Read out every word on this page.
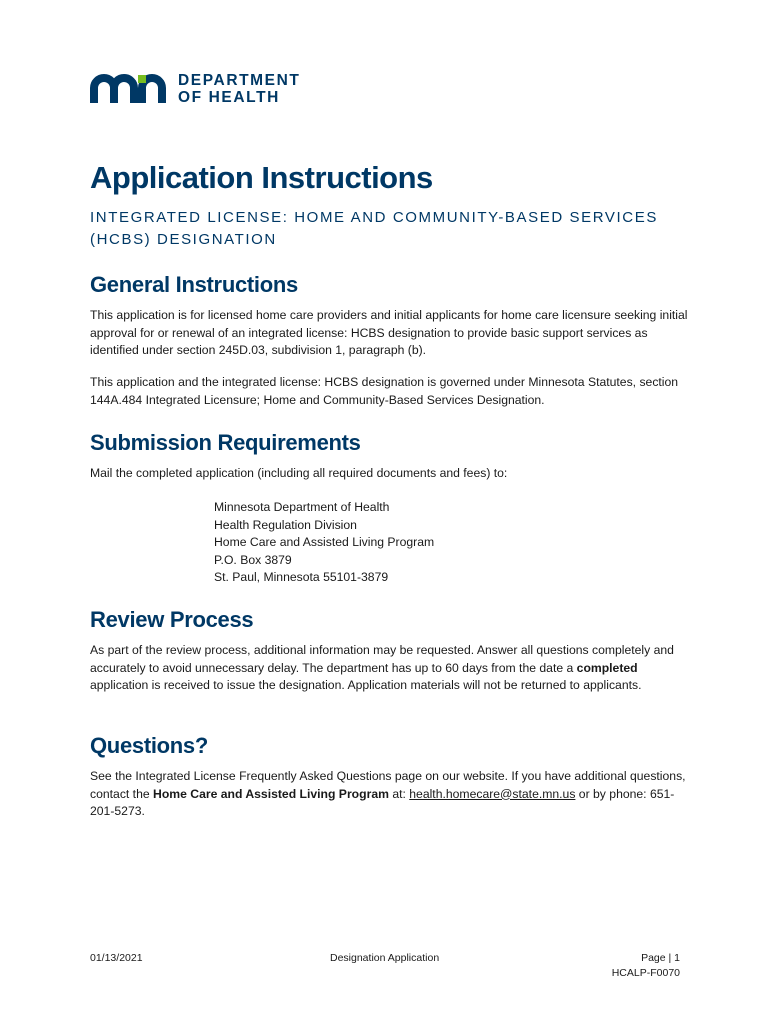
DEPARTMENT
OF HEALTH
Application Instructions

INTEGRATED LICENSE: HOME AND COMMUNITY-BASED SERVICES (HCBS) DESIGNATION

General Instructions

This application is for licensed home care providers and initial applicants for home care licensure seeking initial approval for or renewal of an integrated license: HCBS designation to provide basic support services as identified under section 245D.03, subdivision 1, paragraph (b).

This application and the integrated license: HCBS designation is governed under Minnesota Statutes, section 144A.484 Integrated Licensure; Home and Community-Based Services Designation.

Submission Requirements

Mail the completed application (including all required documents and fees) to:

Minnesota Department of Health
Health Regulation Division
Home Care and Assisted Living Program
P.O. Box 3879
St. Paul, Minnesota 55101-3879
Review Process

As part of the review process, additional information may be requested. Answer all questions completely and accurately to avoid unnecessary delay. The department has up to 60 days from the date a completed application is received to issue the designation. Application materials will not be returned to applicants.

Questions?

See the Integrated License Frequently Asked Questions page on our website. If you have additional questions, contact the Home Care and Assisted Living Program at: health.homecare@state.mn.us or by phone: 651-201-5273.

01/13/2021	Designation Application	Page | 1
HCALP-F0070
